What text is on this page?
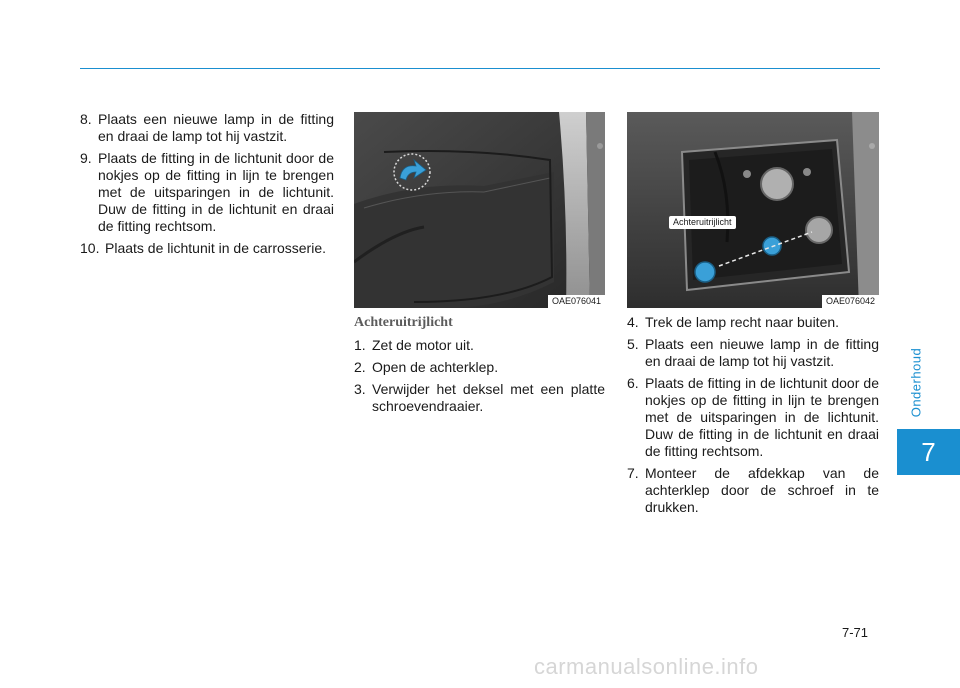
8. Plaats een nieuwe lamp in de fitting en draai de lamp tot hij vastzit.
9. Plaats de fitting in de lichtunit door de nokjes op de fitting in lijn te brengen met de uitsparingen in de lichtunit. Duw de fitting in de lichtunit en draai de fitting rechtsom.
10. Plaats de lichtunit in de carrosserie.
OAE076041
Achteruitrijlicht
OAE076042
Achteruitrijlicht
1. Zet de motor uit.
2. Open de achterklep.
3. Verwijder het deksel met een platte schroevendraaier.
4. Trek de lamp recht naar buiten.
5. Plaats een nieuwe lamp in de fitting en draai de lamp tot hij vastzit.
6. Plaats de fitting in de lichtunit door de nokjes op de fitting in lijn te brengen met de uitsparingen in de lichtunit. Duw de fitting in de lichtunit en draai de fitting rechtsom.
7. Monteer de afdekkap van de achterklep door de schroef in te drukken.
Onderhoud
7
7-71
carmanualsonline.info
